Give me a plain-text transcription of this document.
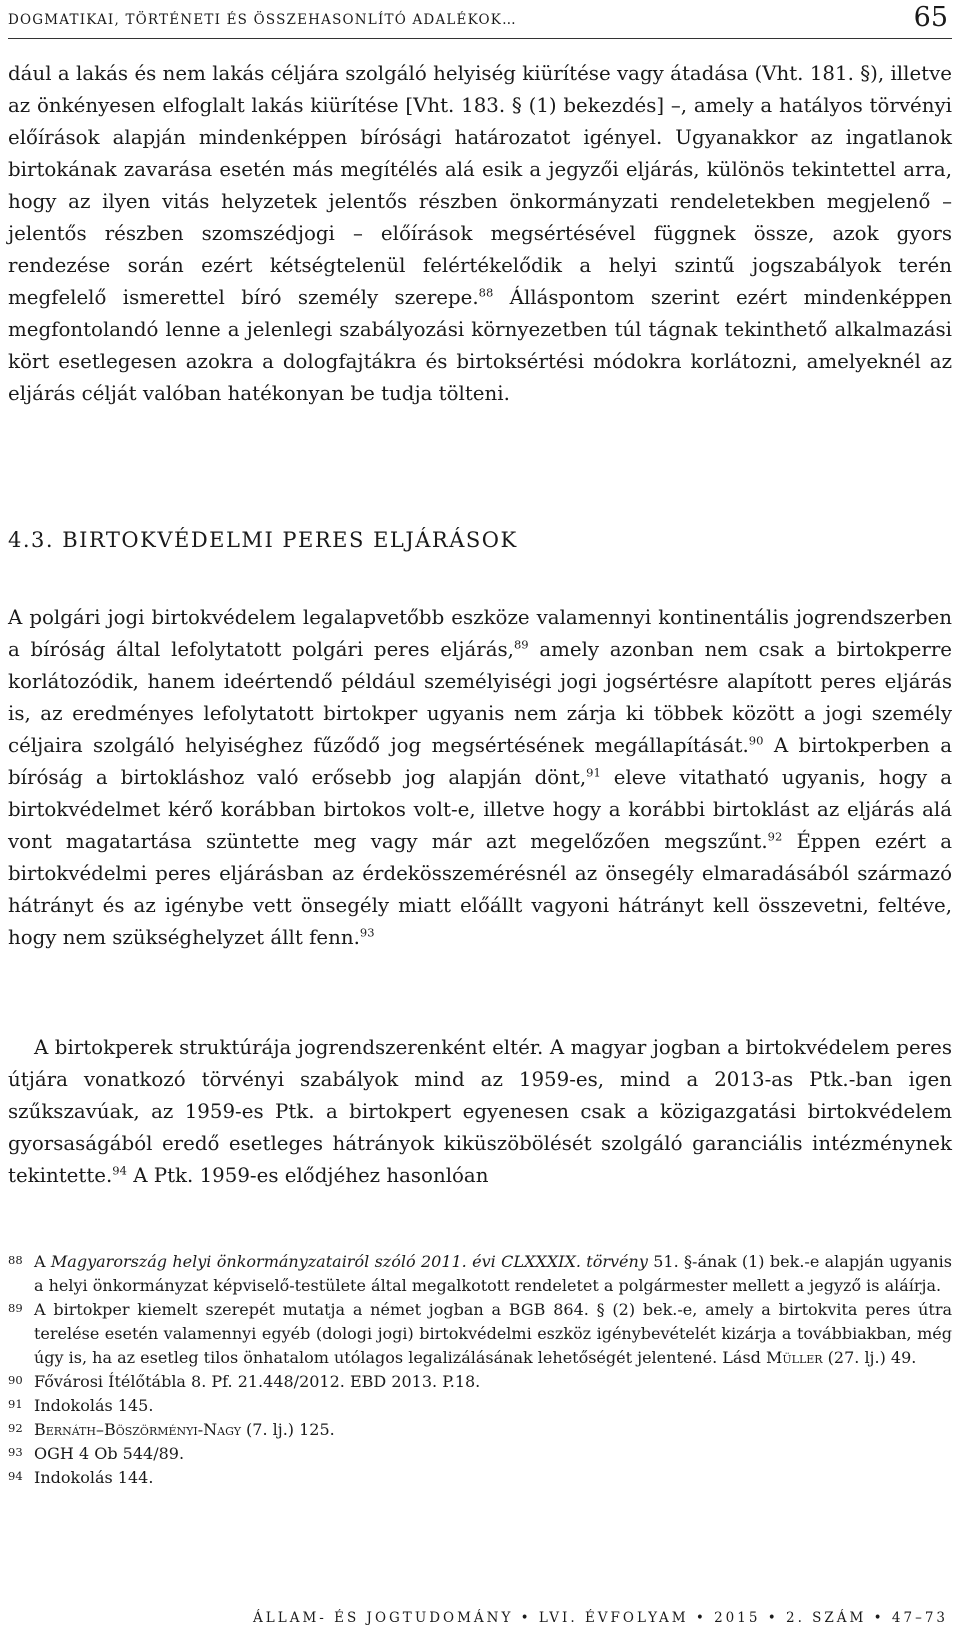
DOGMATIKAI, TÖRTÉNETI ÉS ÖSSZEHASONLÍTÓ ADALÉKOK…	65

dául a lakás és nem lakás céljára szolgáló helyiség kiürítése vagy átadása (Vht. 181. §), illetve az önkényesen elfoglalt lakás kiürítése [Vht. 183. § (1) bekezdés] –, amely a hatályos törvényi előírások alapján mindenképpen bírósági határozatot igényel. Ugyanakkor az ingatlanok birtokának zavarása esetén más megítélés alá esik a jegyzői eljárás, különös tekintettel arra, hogy az ilyen vitás helyzetek jelentős részben önkormányzati rendeletekben megjelenő – jelentős részben szomszédjogi – előírások megsértésével függnek össze, azok gyors rendezése során ezért kétségtelenül felértékelődik a helyi szintű jogszabályok terén megfelelő ismerettel bíró személy szerepe.$^{88}$ Álláspontom szerint ezért mindenképpen megfontolandó lenne a jelenlegi szabályozási környezetben túl tágnak tekinthető alkalmazási kört esetlegesen azokra a dologfajtákra és birtoksértési módokra korlátozni, amelyeknél az eljárás célját valóban hatékonyan be tudja tölteni.

4.3. BIRTOKVÉDELMI PERES ELJÁRÁSOK

A polgári jogi birtokvédelem legalapvetőbb eszköze valamennyi kontinentális jogrendszerben a bíróság által lefolytatott polgári peres eljárás,$^{89}$ amely azonban nem csak a birtokperre korlátozódik, hanem ideértendő például személyiségi jogi jogsértésre alapított peres eljárás is, az eredményes lefolytatott birtokper ugyanis nem zárja ki többek között a jogi személy céljaira szolgáló helyiséghez fűződő jog megsértésének megállapítását.$^{90}$ A birtokperben a bíróság a birtokláshoz való erősebb jog alapján dönt,$^{91}$ eleve vitatható ugyanis, hogy a birtokvédelmet kérő korábban birtokos volt-e, illetve hogy a korábbi birtoklást az eljárás alá vont magatartása szüntette meg vagy már azt megelőzően megszűnt.$^{92}$ Éppen ezért a birtokvédelmi peres eljárásban az érdekösszemérésnél az önsegély elmaradásából származó hátrányt és az igénybe vett önsegély miatt előállt vagyoni hátrányt kell összevetni, feltéve, hogy nem szükséghelyzet állt fenn.$^{93}$

A birtokperek struktúrája jogrendszerenként eltér. A magyar jogban a birtokvédelem peres útjára vonatkozó törvényi szabályok mind az 1959-es, mind a 2013-as Ptk.-ban igen szűkszavúak, az 1959-es Ptk. a birtokpert egyenesen csak a közigazgatási birtokvédelem gyorsaságából eredő esetleges hátrányok kiküszöbölését szolgáló garanciális intézménynek tekintette.$^{94}$ A Ptk. 1959-es elődjéhez hasonlóan

88 A Magyarország helyi önkormányzatairól szóló 2011. évi CLXXXIX. törvény 51. §-ának (1) bek.-e alapján ugyanis a helyi önkormányzat képviselő-testülete által megalkotott rendeletet a polgármester mellett a jegyző is aláírja.

89 A birtokper kiemelt szerepét mutatja a német jogban a BGB 864. § (2) bek.-e, amely a birtokvita peres útra terelése esetén valamennyi egyéb (dologi jogi) birtokvédelmi eszköz igénybevételét kizárja a továbbiakban, még úgy is, ha az esetleg tilos önhatalom utólagos legalizálásának lehetőségét jelentené. Lásd Müller (27. lj.) 49.

90 Fővárosi Ítélőtábla 8. Pf. 21.448/2012. EBD 2013. P.18.

91 Indokolás 145.

92 Bernáth–Böszörményi-Nagy (7. lj.) 125.

93 OGH 4 Ob 544/89.

94 Indokolás 144.

ÁLLAM- ÉS JOGTUDOMÁNY • LVI. ÉVFOLYAM • 2015 • 2. SZÁM • 47–73
